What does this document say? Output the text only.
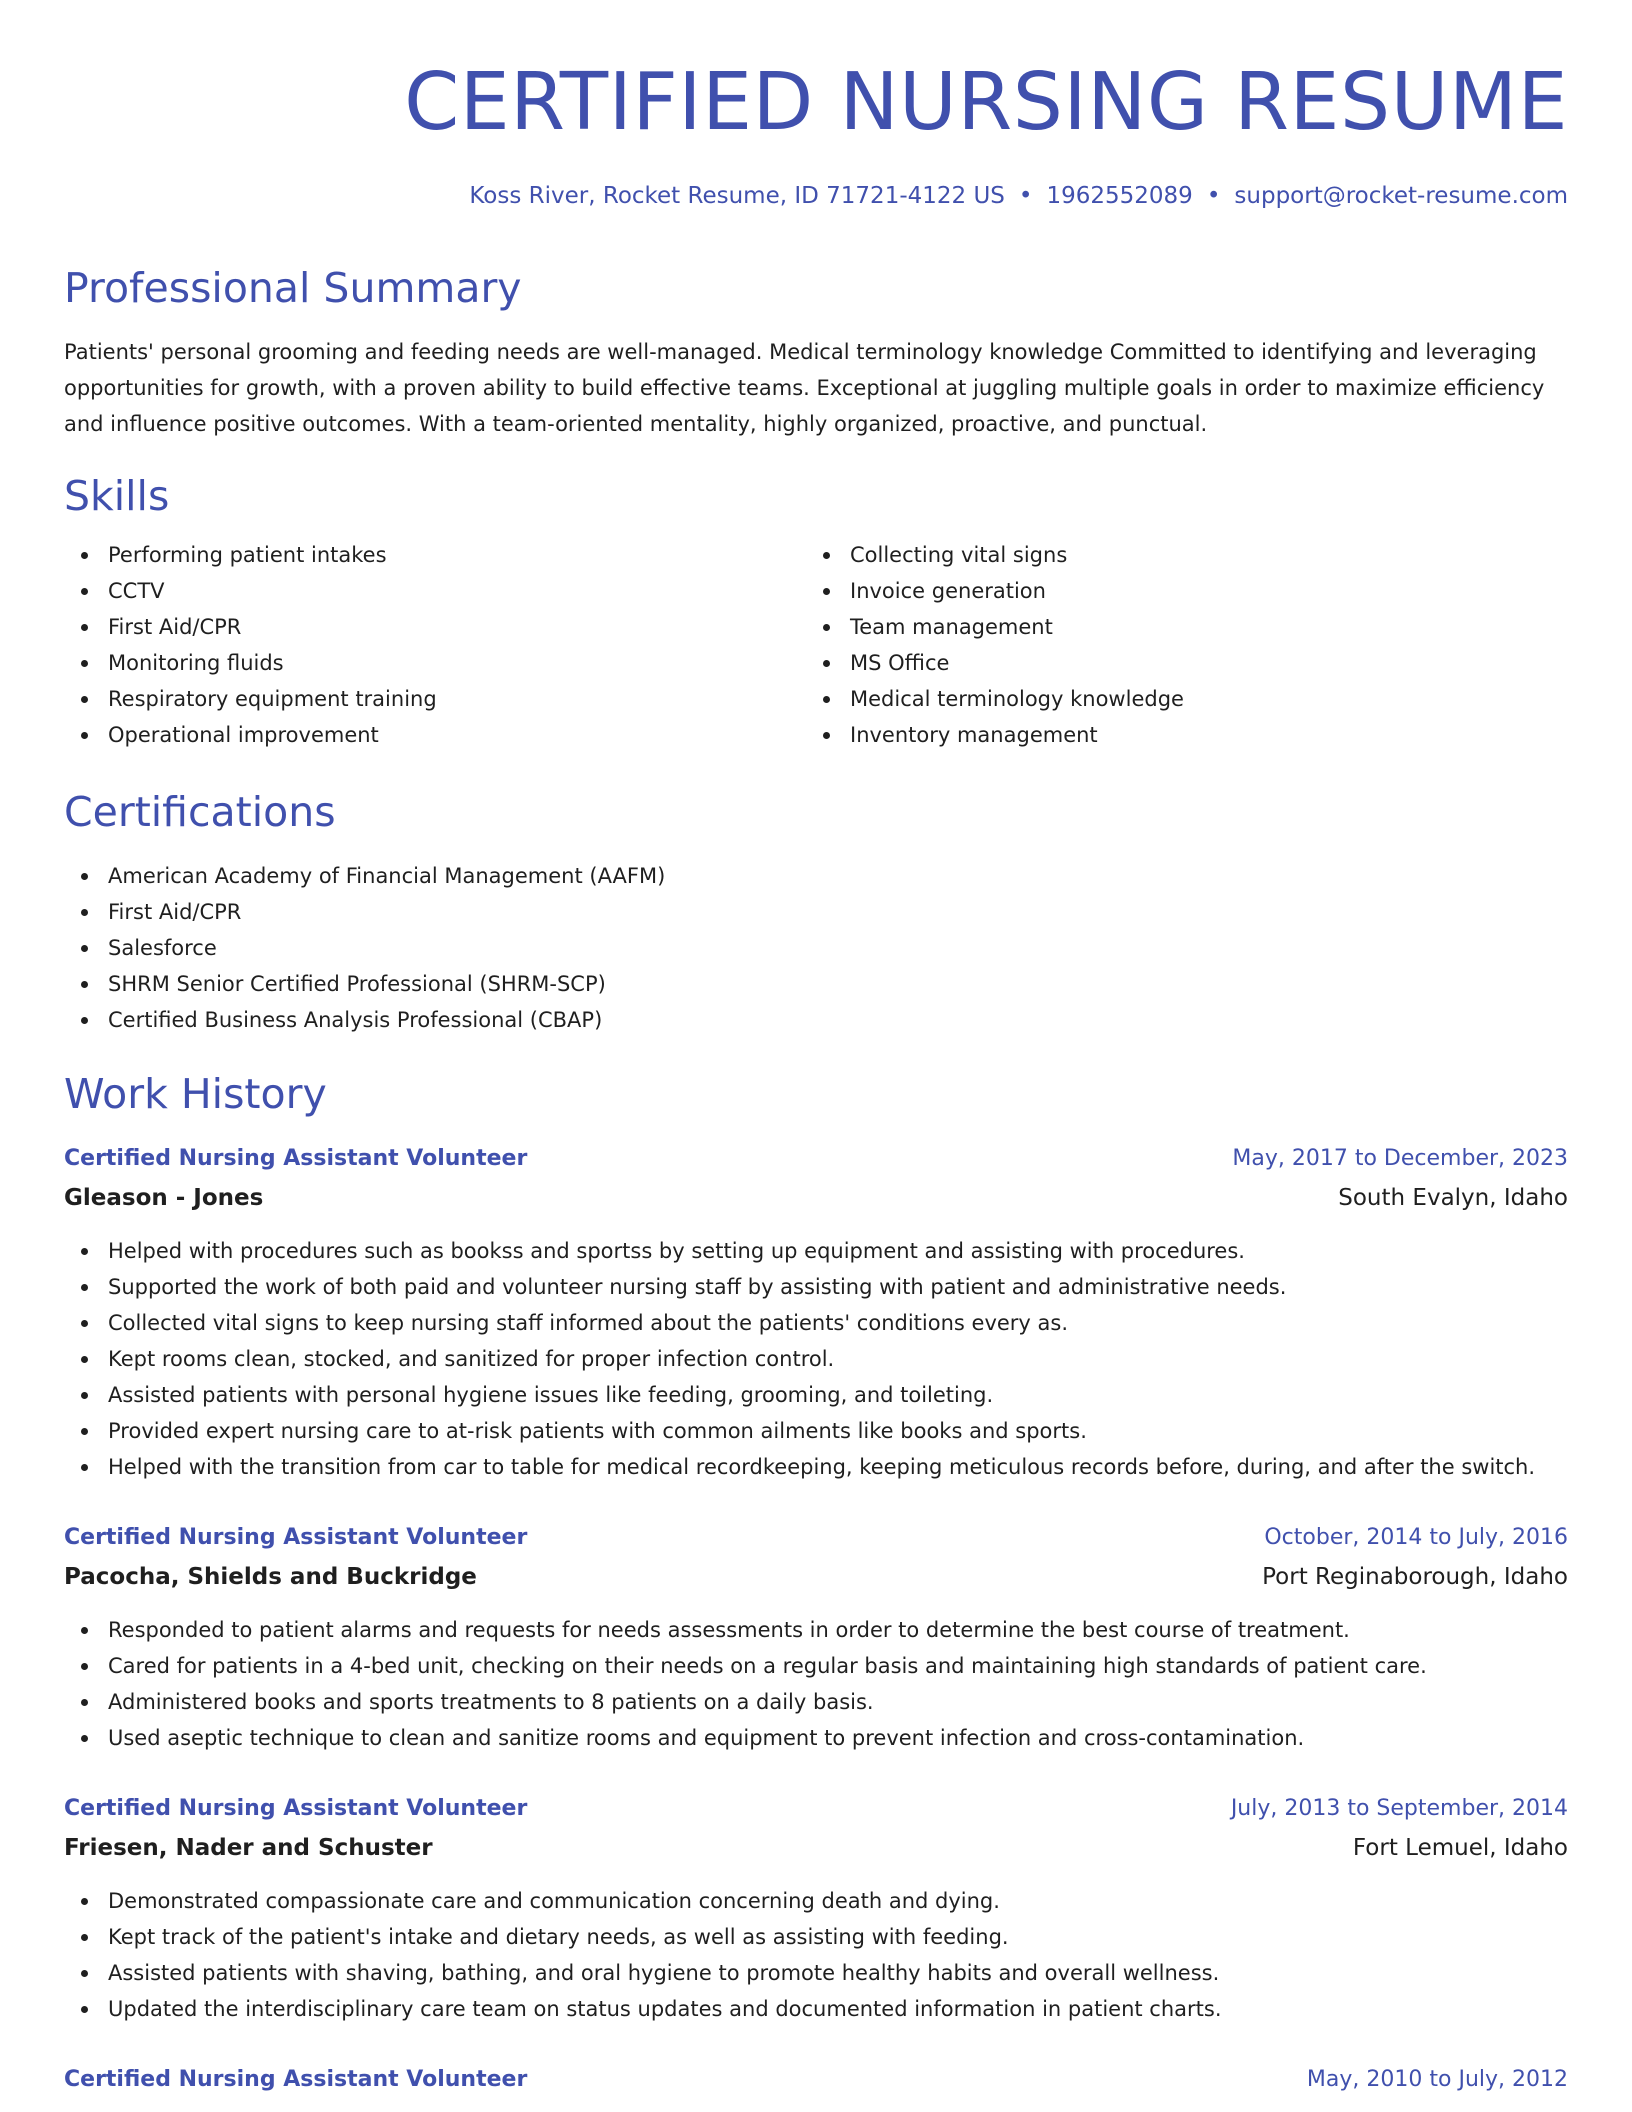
CERTIFIED NURSING RESUME
Koss River, Rocket Resume, ID 71721-4122 US • 1962552089 • support@rocket-resume.com
Professional Summary

Patients' personal grooming and feeding needs are well-managed. Medical terminology knowledge Committed to identifying and leveraging opportunities for growth, with a proven ability to build effective teams. Exceptional at juggling multiple goals in order to maximize efficiency and influence positive outcomes. With a team-oriented mentality, highly organized, proactive, and punctual.

Skills
Performing patient intakes
CCTV
First Aid/CPR
Monitoring fluids
Respiratory equipment training
Operational improvement
Collecting vital signs
Invoice generation
Team management
MS Office
Medical terminology knowledge
Inventory management
Certifications
American Academy of Financial Management (AAFM)
First Aid/CPR
Salesforce
SHRM Senior Certified Professional (SHRM-SCP)
Certified Business Analysis Professional (CBAP)
Work History
Certified Nursing Assistant Volunteer	May, 2017 to December, 2023
Gleason - Jones	South Evalyn, Idaho
Helped with procedures such as bookss and sportss by setting up equipment and assisting with procedures.
Supported the work of both paid and volunteer nursing staff by assisting with patient and administrative needs.
Collected vital signs to keep nursing staff informed about the patients' conditions every as.
Kept rooms clean, stocked, and sanitized for proper infection control.
Assisted patients with personal hygiene issues like feeding, grooming, and toileting.
Provided expert nursing care to at-risk patients with common ailments like books and sports.
Helped with the transition from car to table for medical recordkeeping, keeping meticulous records before, during, and after the switch.
Certified Nursing Assistant Volunteer	October, 2014 to July, 2016
Pacocha, Shields and Buckridge	Port Reginaborough, Idaho
Responded to patient alarms and requests for needs assessments in order to determine the best course of treatment.
Cared for patients in a 4-bed unit, checking on their needs on a regular basis and maintaining high standards of patient care.
Administered books and sports treatments to 8 patients on a daily basis.
Used aseptic technique to clean and sanitize rooms and equipment to prevent infection and cross-contamination.
Certified Nursing Assistant Volunteer	July, 2013 to September, 2014
Friesen, Nader and Schuster	Fort Lemuel, Idaho
Demonstrated compassionate care and communication concerning death and dying.
Kept track of the patient's intake and dietary needs, as well as assisting with feeding.
Assisted patients with shaving, bathing, and oral hygiene to promote healthy habits and overall wellness.
Updated the interdisciplinary care team on status updates and documented information in patient charts.
Certified Nursing Assistant Volunteer	May, 2010 to July, 2012
